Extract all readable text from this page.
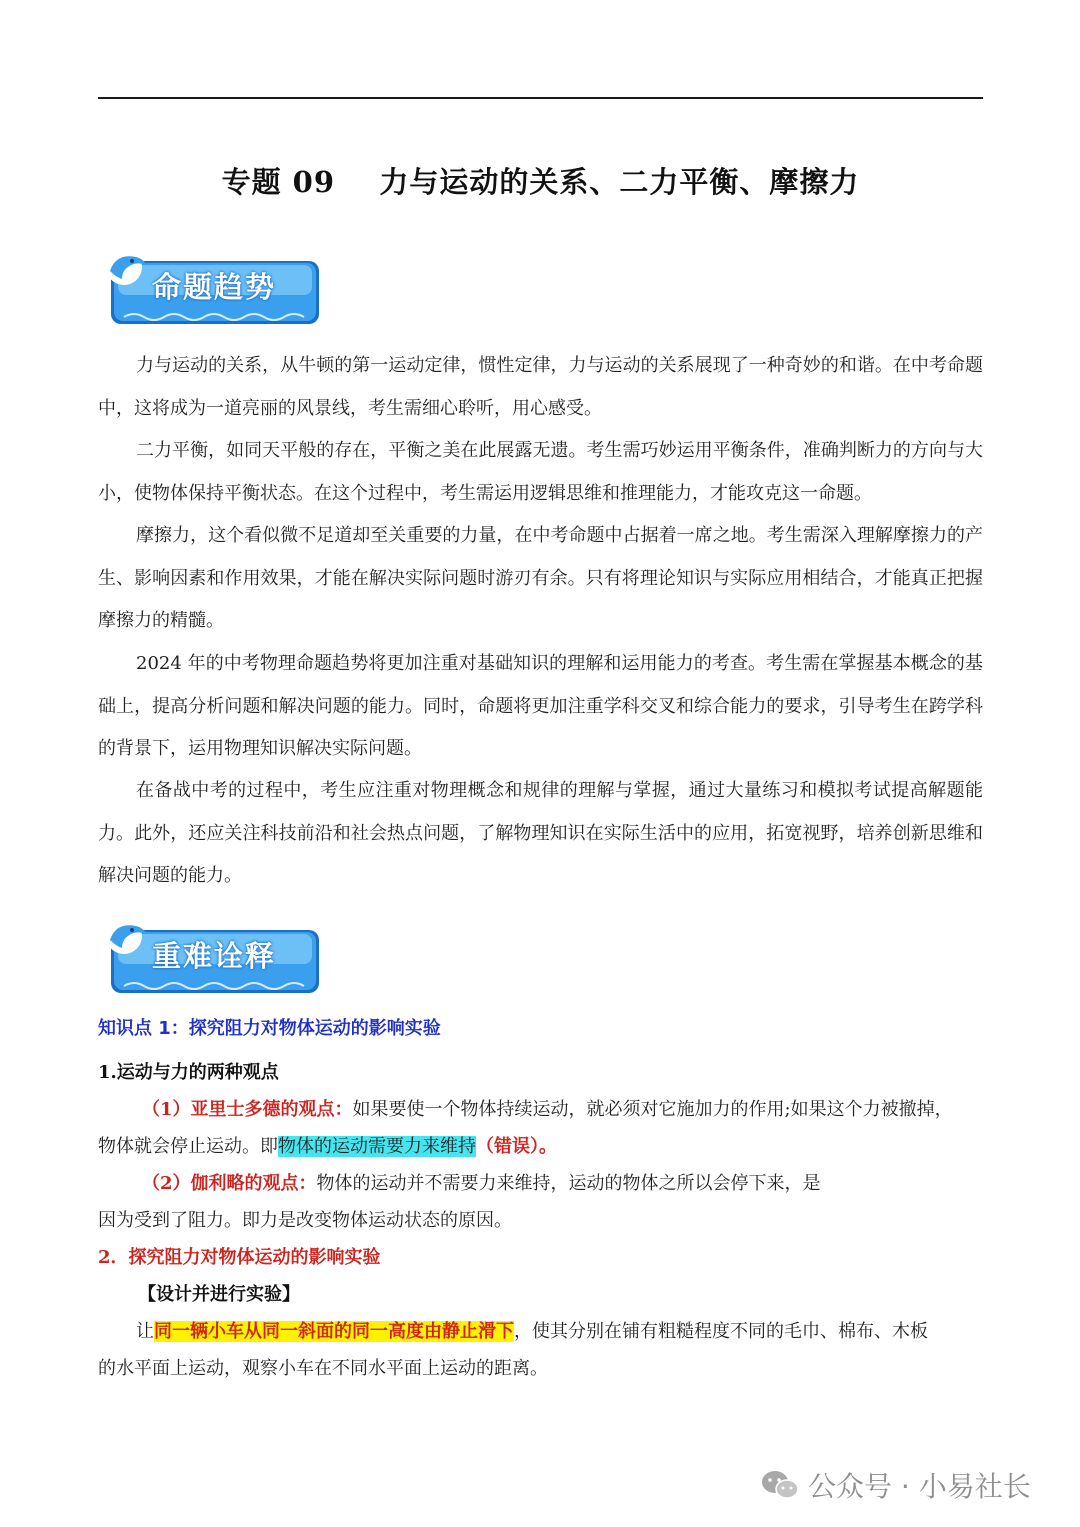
专题 09    力与运动的关系、二力平衡、摩擦力
命题趋势

力与运动的关系，从牛顿的第一运动定律，惯性定律，力与运动的关系展现了一种奇妙的和谐。在中考命题中，这将成为一道亮丽的风景线，考生需细心聆听，用心感受。

二力平衡，如同天平般的存在，平衡之美在此展露无遗。考生需巧妙运用平衡条件，准确判断力的方向与大小，使物体保持平衡状态。在这个过程中，考生需运用逻辑思维和推理能力，才能攻克这一命题。

摩擦力，这个看似微不足道却至关重要的力量，在中考命题中占据着一席之地。考生需深入理解摩擦力的产生、影响因素和作用效果，才能在解决实际问题时游刃有余。只有将理论知识与实际应用相结合，才能真正把握摩擦力的精髓。

2024 年的中考物理命题趋势将更加注重对基础知识的理解和运用能力的考查。考生需在掌握基本概念的基础上，提高分析问题和解决问题的能力。同时，命题将更加注重学科交叉和综合能力的要求，引导考生在跨学科的背景下，运用物理知识解决实际问题。

在备战中考的过程中，考生应注重对物理概念和规律的理解与掌握，通过大量练习和模拟考试提高解题能力。此外，还应关注科技前沿和社会热点问题，了解物理知识在实际生活中的应用，拓宽视野，培养创新思维和解决问题的能力。

重难诠释
知识点 1：探究阻力对物体运动的影响实验

1.运动与力的两种观点

（1）亚里士多德的观点：如果要使一个物体持续运动，就必须对它施加力的作用;如果这个力被撤掉，

物体就会停止运动。即物体的运动需要力来维持（错误）。

（2）伽利略的观点：物体的运动并不需要力来维持，运动的物体之所以会停下来，是

因为受到了阻力。即力是改变物体运动状态的原因。

2．探究阻力对物体运动的影响实验

【设计并进行实验】

让同一辆小车从同一斜面的同一高度由静止滑下，使其分别在铺有粗糙程度不同的毛巾、棉布、木板

的水平面上运动，观察小车在不同水平面上运动的距离。

公众号 · 小易社长
